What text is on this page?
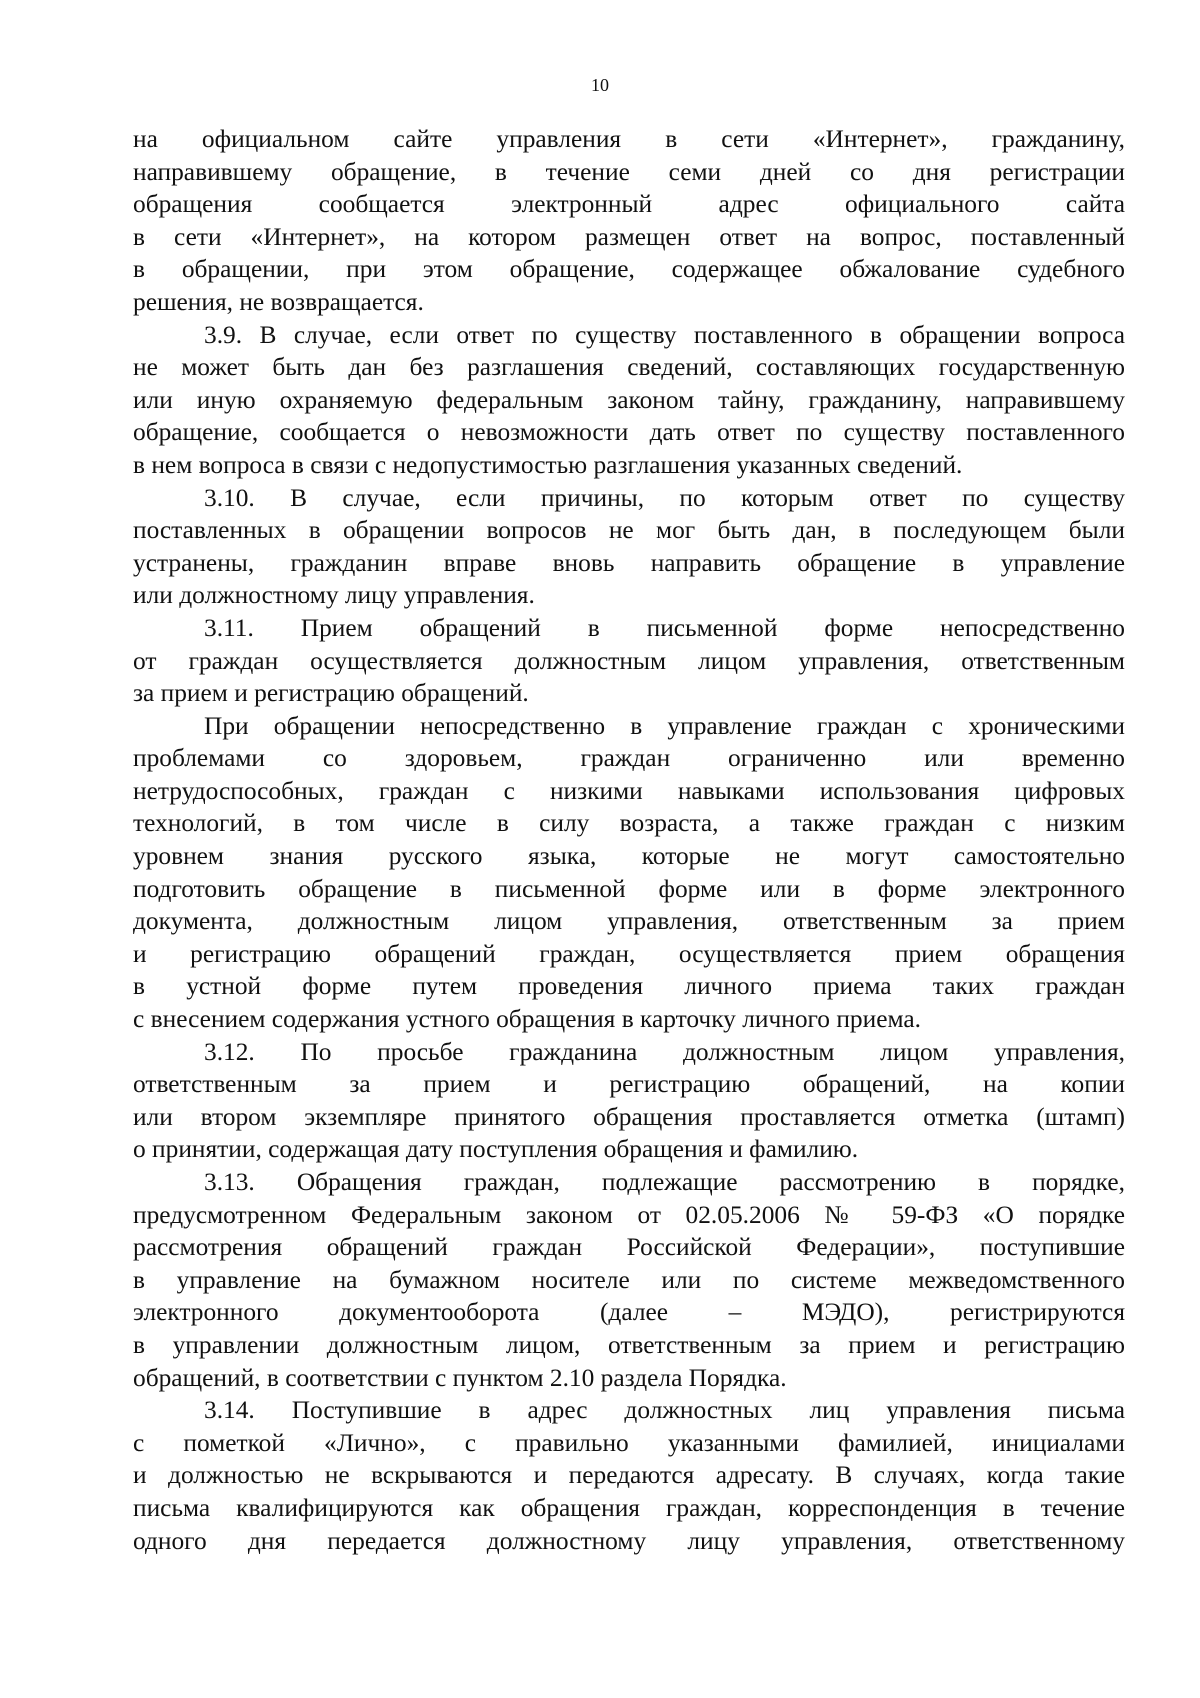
10
на официальном сайте управления в сети «Интернет», гражданину,
направившему обращение, в течение семи дней со дня регистрации
обращения сообщается электронный адрес официального сайта
в сети «Интернет», на котором размещен ответ на вопрос, поставленный
в обращении, при этом обращение, содержащее обжалование судебного
решения, не возвращается.
3.9. В случае, если ответ по существу поставленного в обращении вопроса
не может быть дан без разглашения сведений, составляющих государственную
или иную охраняемую федеральным законом тайну, гражданину, направившему
обращение, сообщается о невозможности дать ответ по существу поставленного
в нем вопроса в связи с недопустимостью разглашения указанных сведений.
3.10. В случае, если причины, по которым ответ по существу
поставленных в обращении вопросов не мог быть дан, в последующем были
устранены, гражданин вправе вновь направить обращение в управление
или должностному лицу управления.
3.11. Прием обращений в письменной форме непосредственно
от граждан осуществляется должностным лицом управления, ответственным
за прием и регистрацию обращений.
При обращении непосредственно в управление граждан с хроническими
проблемами со здоровьем, граждан ограниченно или временно
нетрудоспособных, граждан с низкими навыками использования цифровых
технологий, в том числе в силу возраста, а также граждан с низким
уровнем знания русского языка, которые не могут самостоятельно
подготовить обращение в письменной форме или в форме электронного
документа, должностным лицом управления, ответственным за прием
и регистрацию обращений граждан, осуществляется прием обращения
в устной форме путем проведения личного приема таких граждан
с внесением содержания устного обращения в карточку личного приема.
3.12. По просьбе гражданина должностным лицом управления,
ответственным за прием и регистрацию обращений, на копии
или втором экземпляре принятого обращения проставляется отметка (штамп)
о принятии, содержащая дату поступления обращения и фамилию.
3.13. Обращения граждан, подлежащие рассмотрению в порядке,
предусмотренном Федеральным законом от 02.05.2006 № 59-ФЗ «О порядке
рассмотрения обращений граждан Российской Федерации», поступившие
в управление на бумажном носителе или по системе межведомственного
электронного документооборота (далее – МЭДО), регистрируются
в управлении должностным лицом, ответственным за прием и регистрацию
обращений, в соответствии с пунктом 2.10 раздела Порядка.
3.14. Поступившие в адрес должностных лиц управления письма
с пометкой «Лично», с правильно указанными фамилией, инициалами
и должностью не вскрываются и передаются адресату. В случаях, когда такие
письма квалифицируются как обращения граждан, корреспонденция в течение
одного дня передается должностному лицу управления, ответственному
